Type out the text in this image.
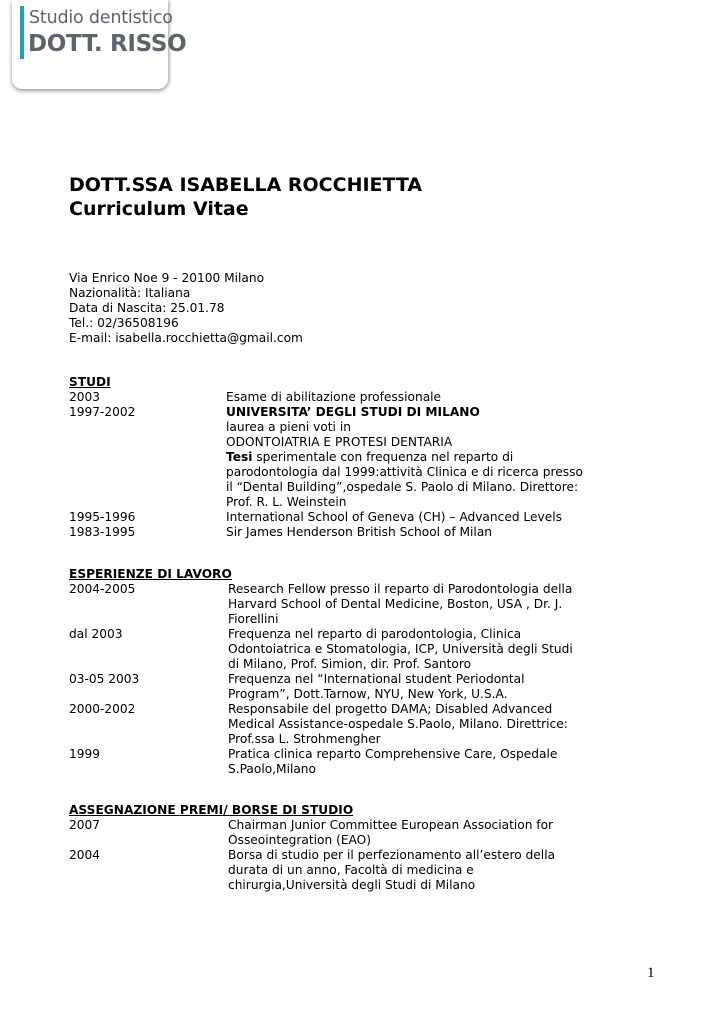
Studio dentistico
DOTT. RISSO
DOTT.SSA ISABELLA ROCCHIETTA
Curriculum Vitae
Via Enrico Noe 9 - 20100 Milano
Nazionalità: Italiana
Data di Nascita: 25.01.78
Tel.: 02/36508196
E-mail: isabella.rocchietta@gmail.com
STUDI
2003	Esame di abilitazione professionale
1997-2002	UNIVERSITA’ DEGLI STUDI DI MILANO
laurea a pieni voti in
ODONTOIATRIA E PROTESI DENTARIA
Tesi sperimentale con frequenza nel reparto di
parodontologia dal 1999:attività Clinica e di ricerca presso
il “Dental Building”,ospedale S. Paolo di Milano. Direttore:
Prof. R. L. Weinstein
1995-1996	International School of Geneva (CH) – Advanced Levels
1983-1995	Sir James Henderson British School of Milan
ESPERIENZE DI LAVORO
2004-2005	Research Fellow presso il reparto di Parodontologia della
Harvard School of Dental Medicine, Boston, USA , Dr. J.
Fiorellini
dal 2003	Frequenza nel reparto di parodontologia, Clinica
Odontoiatrica e Stomatologia, ICP, Università degli Studi
di Milano, Prof. Simion, dir. Prof. Santoro
03-05 2003	Frequenza nel “International student Periodontal
Program”, Dott.Tarnow, NYU, New York, U.S.A.
2000-2002	Responsabile del progetto DAMA; Disabled Advanced
Medical Assistance-ospedale S.Paolo, Milano. Direttrice:
Prof.ssa L. Strohmengher
1999	Pratica clinica reparto Comprehensive Care, Ospedale
S.Paolo,Milano
ASSEGNAZIONE PREMI/ BORSE DI STUDIO
2007	Chairman Junior Committee European Association for
Osseointegration (EAO)
2004	Borsa di studio per il perfezionamento all’estero della
durata di un anno, Facoltà di medicina e
chirurgia,Università degli Studi di Milano
1
